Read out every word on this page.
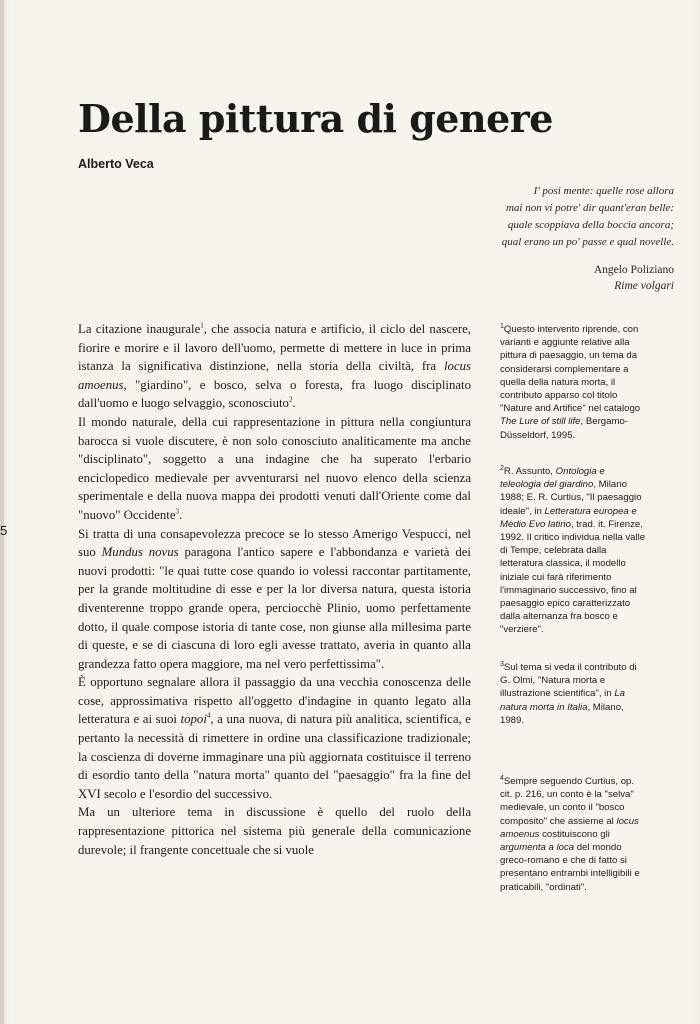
Della pittura di genere
Alberto Veca
I' posi mente: quelle rose allora
mai non vi potre' dir quant'eran belle:
quale scoppiava della boccia ancora;
qual erano un po' passe e qual novelle.
Angelo Poliziano
Rime volgari
5

La citazione inaugurale$^1$, che associa natura e artificio, il ciclo del nascere, fiorire e morire e il lavoro dell'uomo, permette di mettere in luce in prima istanza la significativa distinzione, nella storia della civiltà, fra locus amoenus, "giardino", e bosco, selva o foresta, fra luogo disciplinato dall'uomo e luogo selvaggio, sconosciuto$^2$.

Il mondo naturale, della cui rappresentazione in pittura nella congiuntura barocca si vuole discutere, è non solo conosciuto analiticamente ma anche "disciplinato", soggetto a una indagine che ha superato l'erbario enciclopedico medievale per avventurarsi nel nuovo elenco della scienza sperimentale e della nuova mappa dei prodotti venuti dall'Oriente come dal "nuovo" Occidente$^3$.

Si tratta di una consapevolezza precoce se lo stesso Amerigo Vespucci, nel suo Mundus novus paragona l'antico sapere e l'abbondanza e varietà dei nuovi prodotti: "le quai tutte cose quando io volessi raccontar partitamente, per la grande moltitudine di esse e per la lor diversa natura, questa istoria diventerenne troppo grande opera, perciocchè Plinio, uomo perfettamente dotto, il quale compose istoria di tante cose, non giunse alla millesima parte di queste, e se di ciascuna di loro egli avesse trattato, averia in quanto alla grandezza fatto opera maggiore, ma nel vero perfettissima".

È opportuno segnalare allora il passaggio da una vecchia conoscenza delle cose, approssimativa rispetto all'oggetto d'indagine in quanto legato alla letteratura e ai suoi topoi$^4$, a una nuova, di natura più analitica, scientifica, e pertanto la necessità di rimettere in ordine una classificazione tradizionale; la coscienza di doverne immaginare una più aggiornata costituisce il terreno di esordio tanto della "natura morta" quanto del "paesaggio" fra la fine del XVI secolo e l'esordio del successivo.

Ma un ulteriore tema in discussione è quello del ruolo della rappresentazione pittorica nel sistema più generale della comunicazione durevole; il frangente concettuale che si vuole

$^1$Questo intervento riprende, con varianti e aggiunte relative alla pittura di paesaggio, un tema da considerarsi complementare a quella della natura morta, il contributo apparso col titolo "Nature and Artifice" nel catalogo The Lure of still life, Bergamo-Düsseldorf, 1995.
$^2$R. Assunto, Ontologia e teleologia del giardino, Milano 1988; E. R. Curtius, "Il paesaggio ideale", in Letteratura europea e Medio Evo latino, trad. it. Firenze, 1992. Il critico individua nella valle di Tempe, celebrata dalla letteratura classica, il modello iniziale cui farà riferimento l'immaginario successivo, fino al paesaggio epico caratterizzato dalla alternanza fra bosco e "verziere".
$^3$Sul tema si veda il contributo di G. Olmi, "Natura morta e illustrazione scientifica", in La natura morta in Italia, Milano, 1989.
$^4$Sempre seguendo Curtius, op. cit. p. 216, un conto è la "selva" medievale, un conto il "bosco composito" che assieme al locus amoenus costituiscono gli argumenta a loca del mondo greco-romano e che di fatto si presentano entrambi intelligibili e praticabili, "ordinati".
